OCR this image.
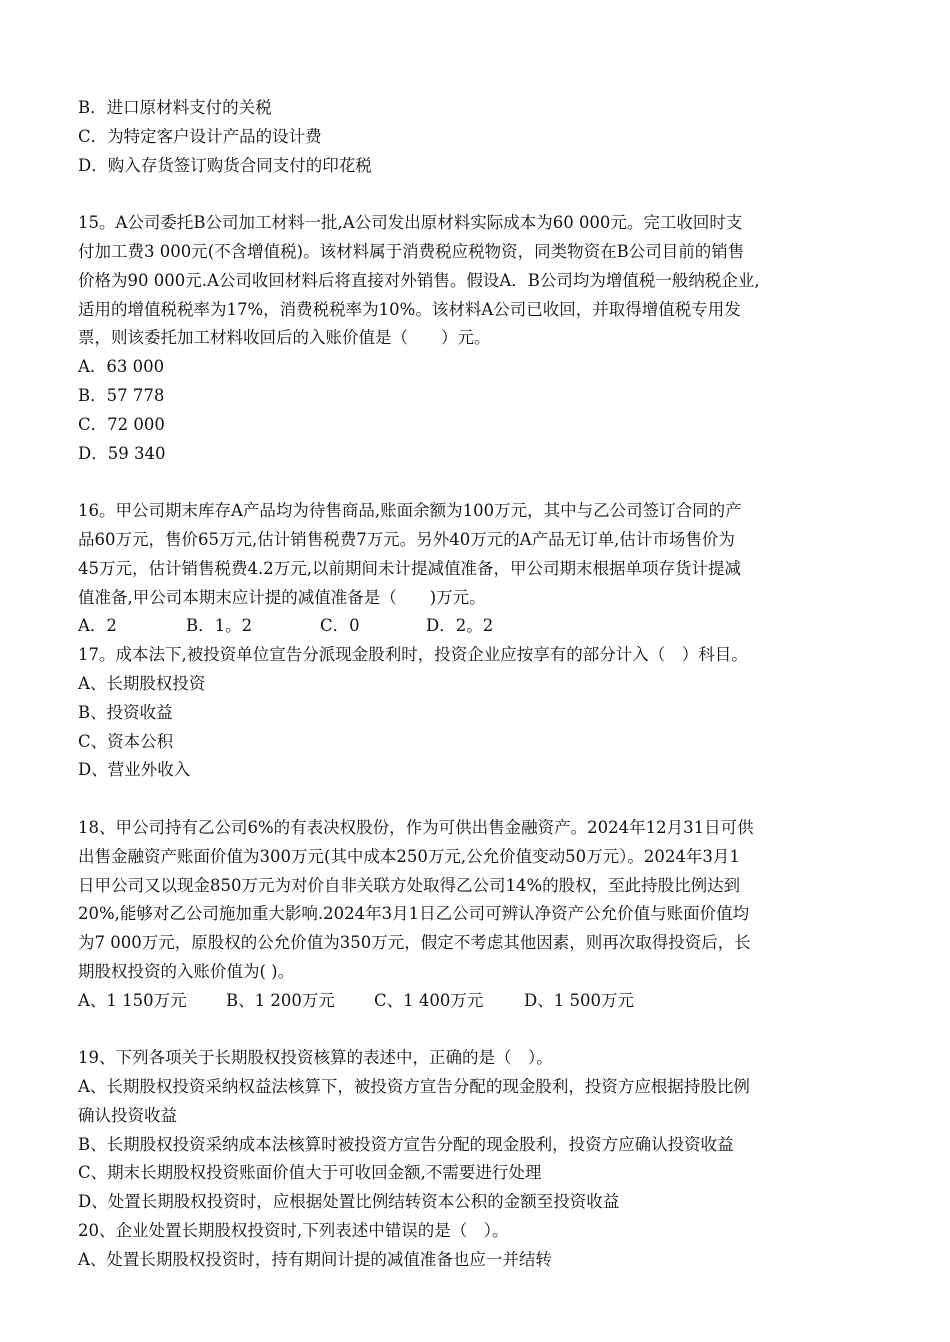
B．进口原材料支付的关税
C．为特定客户设计产品的设计费
D．购入存货签订购货合同支付的印花税
15。A公司委托B公司加工材料一批,A公司发出原材料实际成本为60 000元。完工收回时支
付加工费3 000元(不含增值税)。该材料属于消费税应税物资，同类物资在B公司目前的销售
价格为90 000元.A公司收回材料后将直接对外销售。假设A．B公司均为增值税一般纳税企业,
适用的增值税税率为17%，消费税税率为10%。该材料A公司已收回，并取得增值税专用发
票，则该委托加工材料收回后的入账价值是（　　）元。
A．63 000
B．57 778
C．72 000
D．59 340
16。甲公司期末库存A产品均为待售商品,账面余额为100万元，其中与乙公司签订合同的产
品60万元，售价65万元,估计销售税费7万元。另外40万元的A产品无订单,估计市场售价为
45万元，估计销售税费4.2万元,以前期间未计提减值准备，甲公司期末根据单项存货计提减
值准备,甲公司本期末应计提的减值准备是（　　)万元。
A．2	B．1。2	C．0	D．2。2
17。成本法下,被投资单位宣告分派现金股利时，投资企业应按享有的部分计入（　）科目。
A、长期股权投资
B、投资收益
C、资本公积
D、营业外收入
18、甲公司持有乙公司6%的有表决权股份，作为可供出售金融资产。2024年12月31日可供
出售金融资产账面价值为300万元(其中成本250万元,公允价值变动50万元）。2024年3月1
日甲公司又以现金850万元为对价自非关联方处取得乙公司14%的股权，至此持股比例达到
20%,能够对乙公司施加重大影响.2024年3月1日乙公司可辨认净资产公允价值与账面价值均
为7 000万元，原股权的公允价值为350万元，假定不考虑其他因素，则再次取得投资后，长
期股权投资的入账价值为( )。
A、1 150万元	B、1 200万元	C、1 400万元	D、1 500万元
19、下列各项关于长期股权投资核算的表述中，正确的是（　）。
A、长期股权投资采纳权益法核算下，被投资方宣告分配的现金股利，投资方应根据持股比例
确认投资收益
B、长期股权投资采纳成本法核算时被投资方宣告分配的现金股利，投资方应确认投资收益
C、期末长期股权投资账面价值大于可收回金额,不需要进行处理
D、处置长期股权投资时，应根据处置比例结转资本公积的金额至投资收益
20、企业处置长期股权投资时,下列表述中错误的是（　）。
A、处置长期股权投资时，持有期间计提的减值准备也应一并结转
